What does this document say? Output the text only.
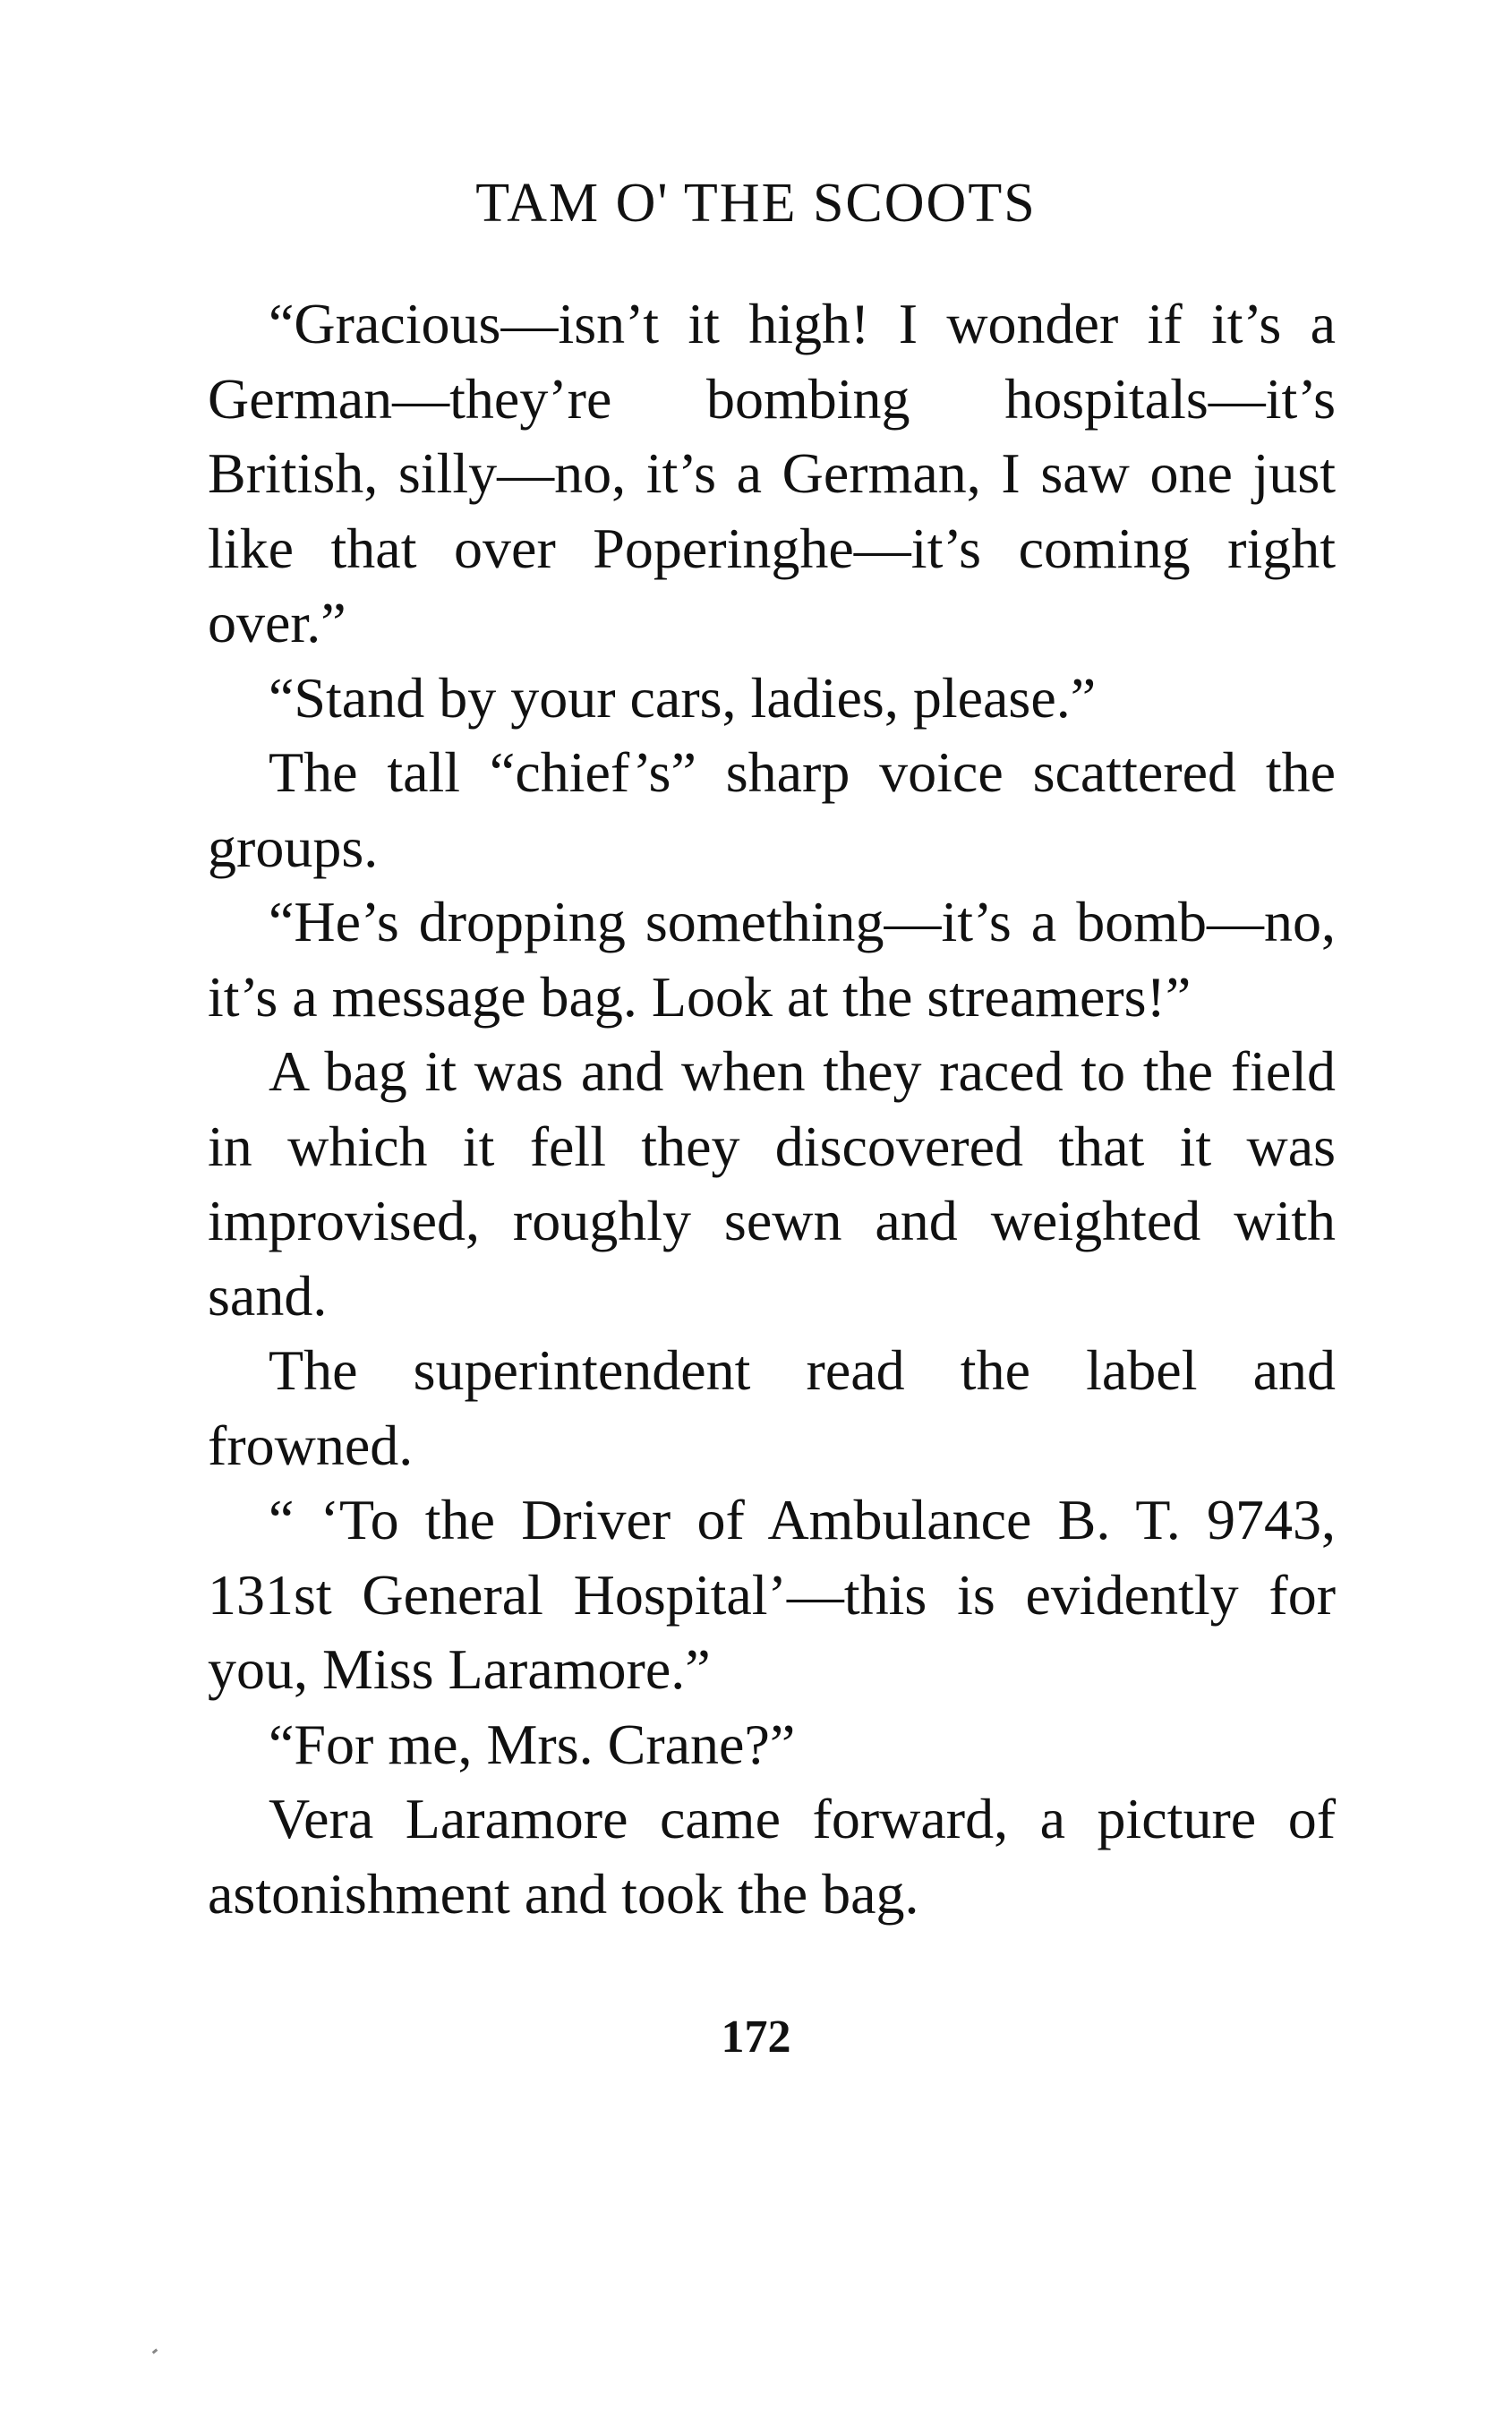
TAM O' THE SCOOTS

“Gracious—isn’t it high! I wonder if it’s a German—they’re bombing hospitals—it’s British, silly—no, it’s a German, I saw one just like that over Poperinghe—it’s coming right over.”

“Stand by your cars, ladies, please.”

The tall “chief’s” sharp voice scattered the groups.

“He’s dropping something—it’s a bomb—no, it’s a message bag. Look at the streamers!”

A bag it was and when they raced to the field in which it fell they discovered that it was improvised, roughly sewn and weighted with sand.

The superintendent read the label and frowned.

“ ‘To the Driver of Ambulance B. T. 9743, 131st General Hospital’—this is evidently for you, Miss Laramore.”

“For me, Mrs. Crane?”

Vera Laramore came forward, a picture of astonishment and took the bag.

172
